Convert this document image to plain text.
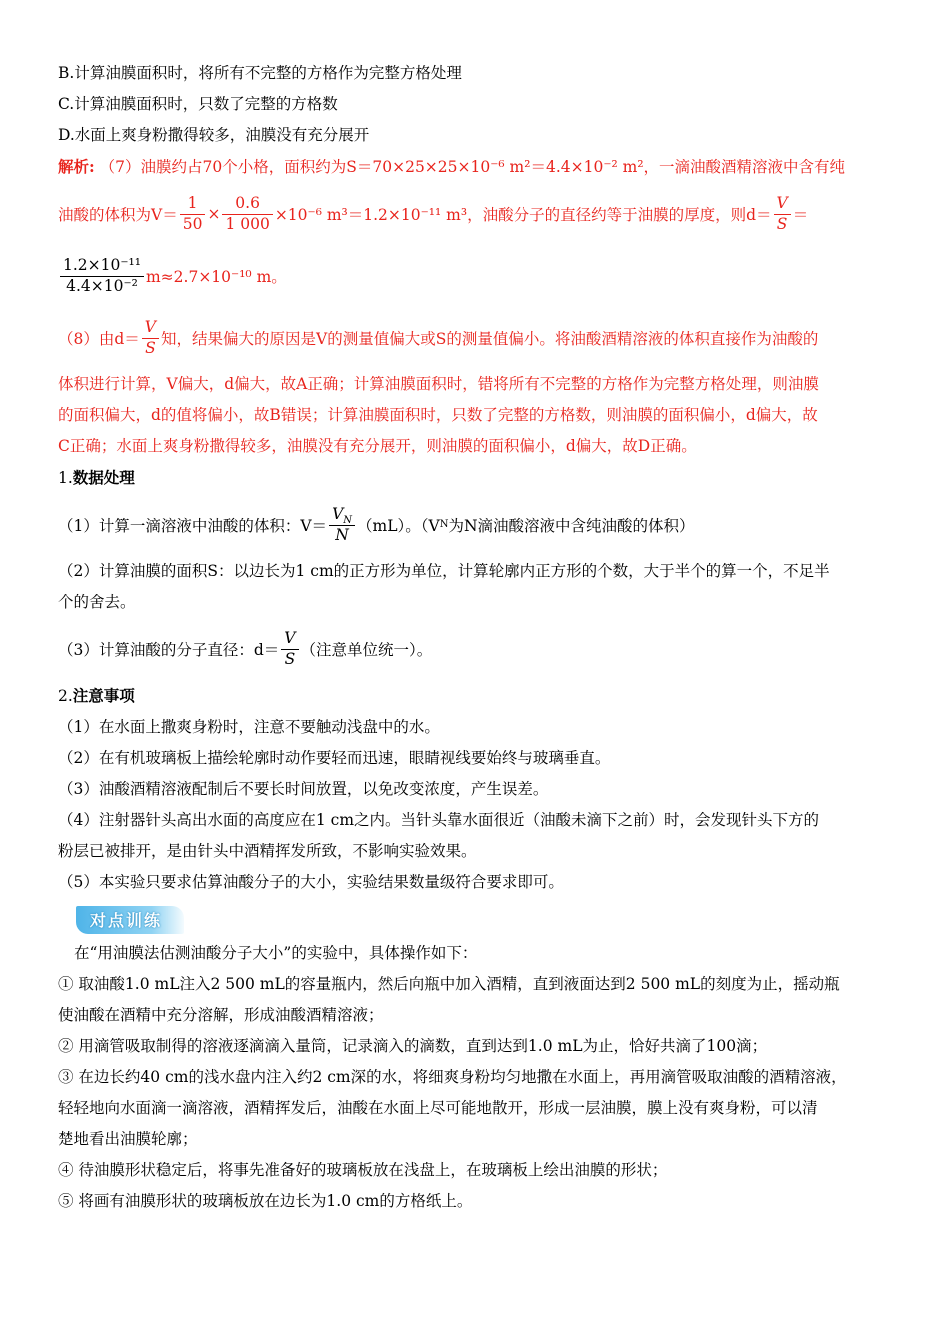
B.计算油膜面积时，将所有不完整的方格作为完整方格处理
C.计算油膜面积时，只数了完整的方格数
D.水面上爽身粉撒得较多，油膜没有充分展开
解析: （7）油膜约占70个小格，面积约为S＝70×25×25×10⁻⁶ m²＝4.4×10⁻² m²，一滴油酸酒精溶液中含有纯
油酸的体积为$V= \frac{1}{50} \times \frac{0.6}{1 000} \times 10^{-6}$ m³＝1.2×10⁻¹¹ m³，油酸分子的直径约等于油膜的厚度，则$d= \frac{V}{S}$ ＝
$\frac{\text{1.2×10⁻¹¹}}{\text{4.4×10⁻²}} m\approx 2.7\times 10^{-10}$ m。
（8）由$d= \frac{V}{S}$ 知，结果偏大的原因是V的测量值偏大或S的测量值偏小。将油酸酒精溶液的体积直接作为油酸的
体积进行计算，V偏大，d偏大，故A正确；计算油膜面积时，错将所有不完整的方格作为完整方格处理，则油膜
的面积偏大，d的值将偏小，故B错误；计算油膜面积时，只数了完整的方格数，则油膜的面积偏小，d偏大，故
C正确；水面上爽身粉撒得较多，油膜没有充分展开，则油膜的面积偏小，d偏大，故D正确。
1.数据处理
（1）计算一滴溶液中油酸的体积：$V= \frac{V_N}{N} (mL)$。（V N 为N滴油酸溶液中含纯油酸的体积）
（2）计算油膜的面积S：以边长为1 cm的正方形为单位，计算轮廓内正方形的个数，大于半个的算一个，不足半
个的舍去。
（3）计算油酸的分子直径：$d= \frac{V}{S}$ （注意单位统一）。
2.注意事项
（1）在水面上撒爽身粉时，注意不要触动浅盘中的水。
（2）在有机玻璃板上描绘轮廓时动作要轻而迅速，眼睛视线要始终与玻璃垂直。
（3）油酸酒精溶液配制后不要长时间放置，以免改变浓度，产生误差。
（4）注射器针头高出水面的高度应在1 cm之内。当针头靠水面很近（油酸未滴下之前）时，会发现针头下方的
粉层已被排开，是由针头中酒精挥发所致，不影响实验效果。
（5）本实验只要求估算油酸分子的大小，实验结果数量级符合要求即可。
对点训练
在“用油膜法估测油酸分子大小”的实验中，具体操作如下：
① 取油酸1.0 mL注入2 500 mL的容量瓶内，然后向瓶中加入酒精，直到液面达到2 500 mL的刻度为止，摇动瓶
使油酸在酒精中充分溶解，形成油酸酒精溶液；
② 用滴管吸取制得的溶液逐滴滴入量筒，记录滴入的滴数，直到达到1.0 mL为止，恰好共滴了100滴；
③ 在边长约40 cm的浅水盘内注入约2 cm深的水，将细爽身粉均匀地撒在水面上，再用滴管吸取油酸的酒精溶液，
轻轻地向水面滴一滴溶液，酒精挥发后，油酸在水面上尽可能地散开，形成一层油膜，膜上没有爽身粉，可以清
楚地看出油膜轮廓；
④ 待油膜形状稳定后，将事先准备好的玻璃板放在浅盘上，在玻璃板上绘出油膜的形状；
⑤ 将画有油膜形状的玻璃板放在边长为1.0 cm的方格纸上。
